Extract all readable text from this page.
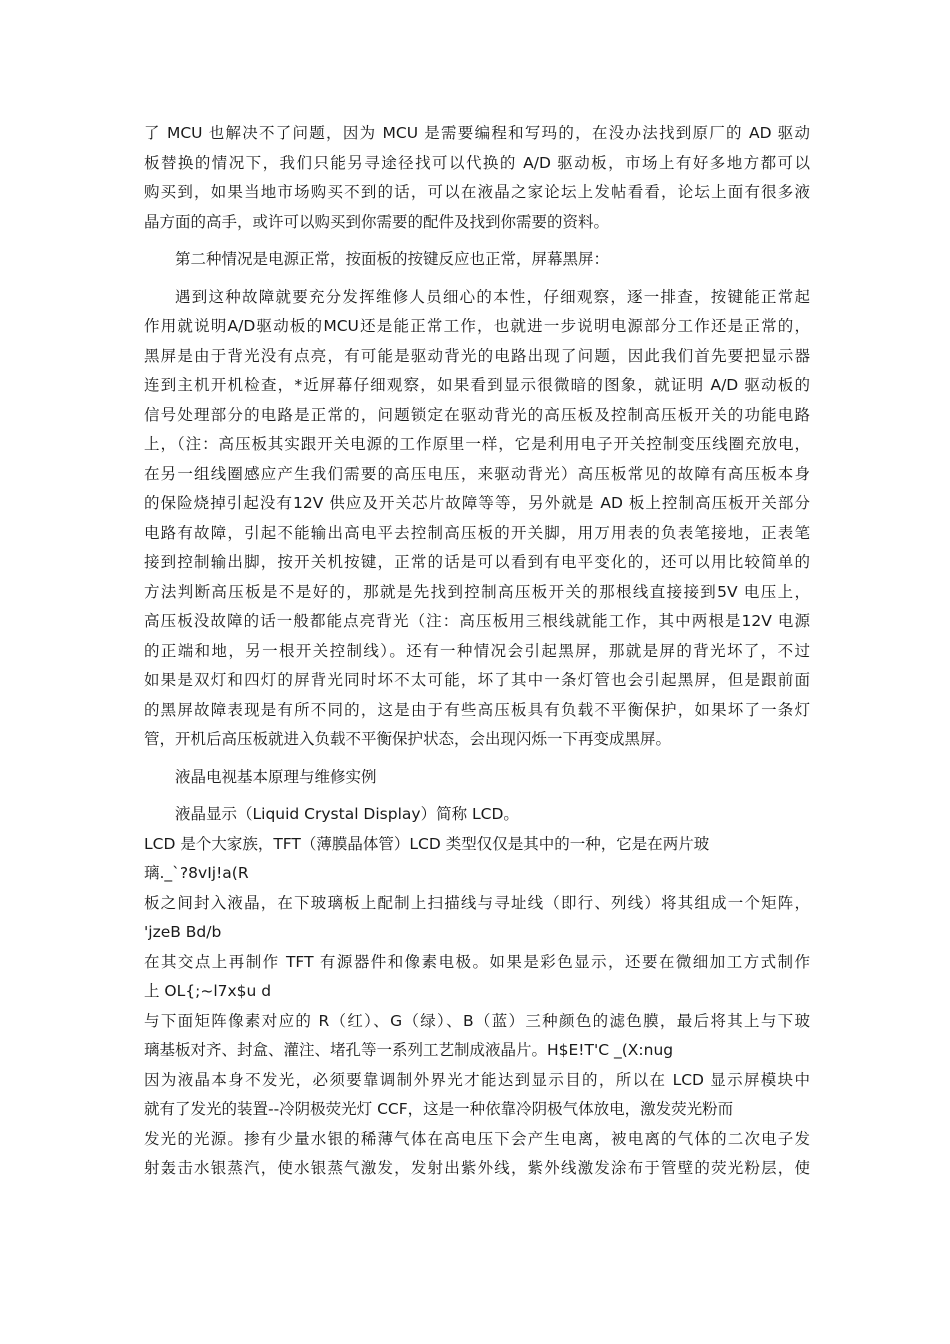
了 MCU 也解决不了问题，因为 MCU 是需要编程和写玛的，在没办法找到原厂的 AD 驱动
板替换的情况下，我们只能另寻途径找可以代换的 A/D 驱动板，市场上有好多地方都可以
购买到，如果当地市场购买不到的话，可以在液晶之家论坛上发帖看看，论坛上面有很多液
晶方面的高手，或许可以购买到你需要的配件及找到你需要的资料。
第二种情况是电源正常，按面板的按键反应也正常，屏幕黑屏：
遇到这种故障就要充分发挥维修人员细心的本性，仔细观察，逐一排查，按键能正常起
作用就说明A/D驱动板的MCU还是能正常工作，也就进一步说明电源部分工作还是正常的，
黑屏是由于背光没有点亮，有可能是驱动背光的电路出现了问题，因此我们首先要把显示器
连到主机开机检查，*近屏幕仔细观察，如果看到显示很微暗的图象，就证明 A/D 驱动板的
信号处理部分的电路是正常的，问题锁定在驱动背光的高压板及控制高压板开关的功能电路
上，（注：高压板其实跟开关电源的工作原里一样，它是利用电子开关控制变压线圈充放电，
在另一组线圈感应产生我们需要的高压电压，来驱动背光）高压板常见的故障有高压板本身
的保险烧掉引起没有12V 供应及开关芯片故障等等，另外就是 AD 板上控制高压板开关部分
电路有故障，引起不能输出高电平去控制高压板的开关脚，用万用表的负表笔接地，正表笔
接到控制输出脚，按开关机按键，正常的话是可以看到有电平变化的，还可以用比较简单的
方法判断高压板是不是好的，那就是先找到控制高压板开关的那根线直接接到5V 电压上，
高压板没故障的话一般都能点亮背光（注：高压板用三根线就能工作，其中两根是12V 电源
的正端和地，另一根开关控制线）。还有一种情况会引起黑屏，那就是屏的背光坏了，不过
如果是双灯和四灯的屏背光同时坏不太可能，坏了其中一条灯管也会引起黑屏，但是跟前面
的黑屏故障表现是有所不同的，这是由于有些高压板具有负载不平衡保护，如果坏了一条灯
管，开机后高压板就进入负载不平衡保护状态，会出现闪烁一下再变成黑屏。
液晶电视基本原理与维修实例
液晶显示（Liquid Crystal Display）简称 LCD。
LCD 是个大家族，TFT（薄膜晶体管）LCD 类型仅仅是其中的一种，它是在两片玻
璃._`?8vIj!a(R
板之间封入液晶，在下玻璃板上配制上扫描线与寻址线（即行、列线）将其组成一个矩阵，
'jzeB Bd/b
在其交点上再制作 TFT 有源器件和像素电极。如果是彩色显示，还要在微细加工方式制作
上 OL{;~l7x$u d
与下面矩阵像素对应的 R（红）、G（绿）、B（蓝）三种颜色的滤色膜，最后将其上与下玻
璃基板对齐、封盒、灌注、堵孔等一系列工艺制成液晶片。H$E!T'C _(X:nug
因为液晶本身不发光，必须要靠调制外界光才能达到显示目的，所以在 LCD 显示屏模块中
就有了发光的装置--冷阴极荧光灯 CCF，这是一种依靠冷阴极气体放电，激发荧光粉而
发光的光源。掺有少量水银的稀薄气体在高电压下会产生电离，被电离的气体的二次电子发
射轰击水银蒸汽，使水银蒸气激发，发射出紫外线，紫外线激发涂布于管壁的荧光粉层，使
